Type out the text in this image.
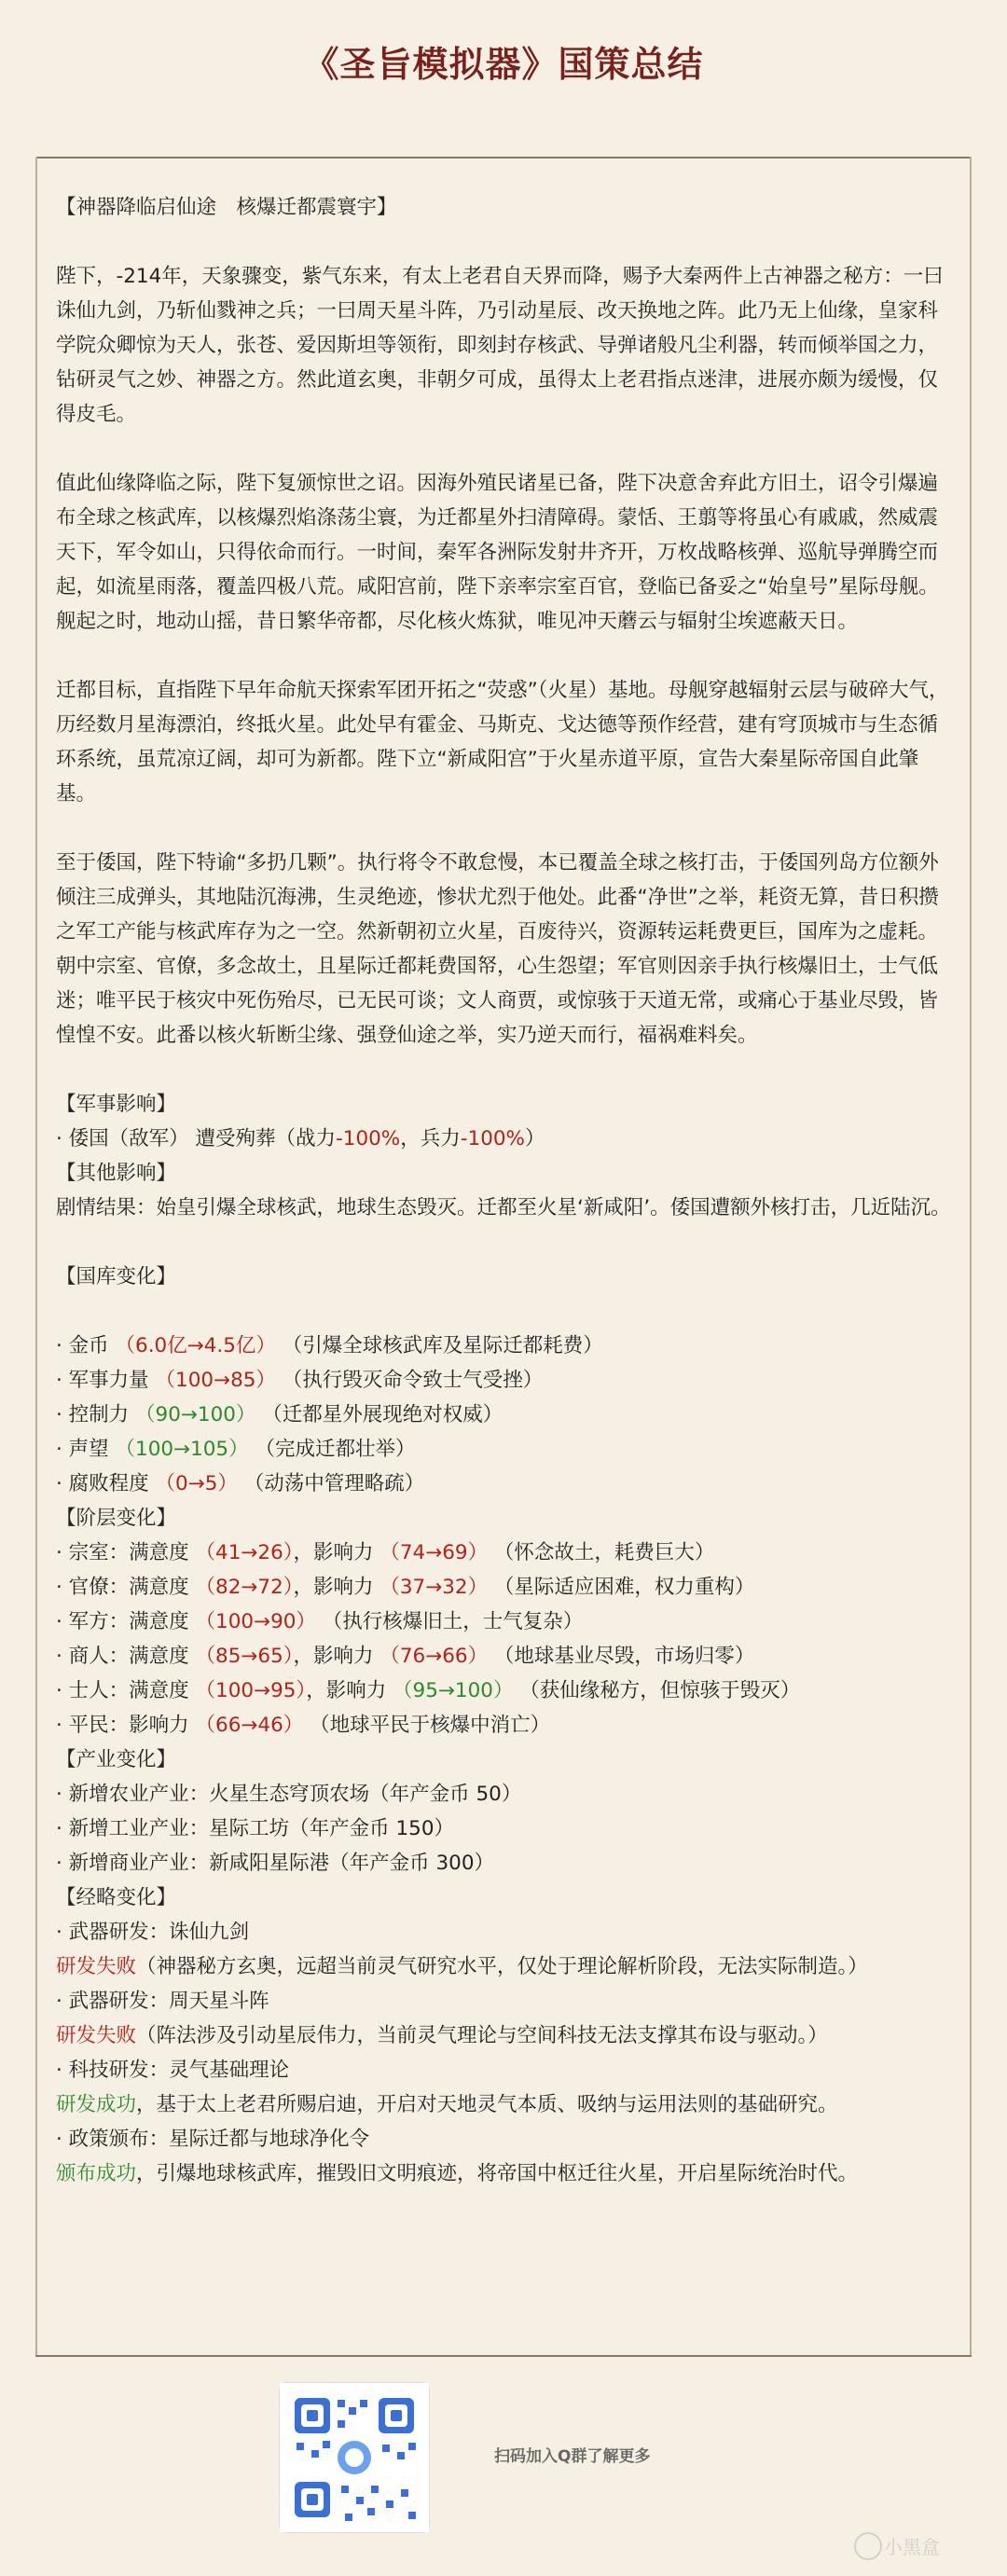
《圣旨模拟器》国策总结

【神器降临启仙途　核爆迁都震寰宇】

陛下，-214年，天象骤变，紫气东来，有太上老君自天界而降，赐予大秦两件上古神器之秘方：一曰诛仙九剑，乃斩仙戮神之兵；一曰周天星斗阵，乃引动星辰、改天换地之阵。此乃无上仙缘，皇家科学院众卿惊为天人，张苍、爱因斯坦等领衔，即刻封存核武、导弹诸般凡尘利器，转而倾举国之力，钻研灵气之妙、神器之方。然此道玄奥，非朝夕可成，虽得太上老君指点迷津，进展亦颇为缓慢，仅得皮毛。

值此仙缘降临之际，陛下复颁惊世之诏。因海外殖民诸星已备，陛下决意舍弃此方旧土，诏令引爆遍布全球之核武库，以核爆烈焰涤荡尘寰，为迁都星外扫清障碍。蒙恬、王翦等将虽心有戚戚，然威震天下，军令如山，只得依命而行。一时间，秦军各洲际发射井齐开，万枚战略核弹、巡航导弹腾空而起，如流星雨落，覆盖四极八荒。咸阳宫前，陛下亲率宗室百官，登临已备妥之“始皇号”星际母舰。舰起之时，地动山摇，昔日繁华帝都，尽化核火炼狱，唯见冲天蘑云与辐射尘埃遮蔽天日。

迁都目标，直指陛下早年命航天探索军团开拓之“荧惑”（火星）基地。母舰穿越辐射云层与破碎大气，历经数月星海漂泊，终抵火星。此处早有霍金、马斯克、戈达德等预作经营，建有穹顶城市与生态循环系统，虽荒凉辽阔，却可为新都。陛下立“新咸阳宫”于火星赤道平原，宣告大秦星际帝国自此肇基。

至于倭国，陛下特谕“多扔几颗”。执行将令不敢怠慢，本已覆盖全球之核打击，于倭国列岛方位额外倾注三成弹头，其地陆沉海沸，生灵绝迹，惨状尤烈于他处。此番“净世”之举，耗资无算，昔日积攒之军工产能与核武库存为之一空。然新朝初立火星，百废待兴，资源转运耗费更巨，国库为之虚耗。朝中宗室、官僚，多念故土，且星际迁都耗费国帑，心生怨望；军官则因亲手执行核爆旧土，士气低迷；唯平民于核灾中死伤殆尽，已无民可谈；文人商贾，或惊骇于天道无常，或痛心于基业尽毁，皆惶惶不安。此番以核火斩断尘缘、强登仙途之举，实乃逆天而行，福祸难料矣。

【军事影响】

· 倭国（敌军） 遭受殉葬（战力-100%，兵力-100%）

【其他影响】

剧情结果：始皇引爆全球核武，地球生态毁灭。迁都至火星‘新咸阳’。倭国遭额外核打击，几近陆沉。

【国库变化】

· 金币 （6.0亿→4.5亿） （引爆全球核武库及星际迁都耗费）

· 军事力量 （100→85） （执行毁灭命令致士气受挫）

· 控制力 （90→100） （迁都星外展现绝对权威）

· 声望 （100→105） （完成迁都壮举）

· 腐败程度 （0→5） （动荡中管理略疏）

【阶层变化】

· 宗室：满意度 （41→26），影响力 （74→69） （怀念故土，耗费巨大）

· 官僚：满意度 （82→72），影响力 （37→32） （星际适应困难，权力重构）

· 军方：满意度 （100→90） （执行核爆旧土，士气复杂）

· 商人：满意度 （85→65），影响力 （76→66） （地球基业尽毁，市场归零）

· 士人：满意度 （100→95），影响力 （95→100） （获仙缘秘方，但惊骇于毁灭）

· 平民：影响力 （66→46） （地球平民于核爆中消亡）

【产业变化】

· 新增农业产业：火星生态穹顶农场（年产金币 50）

· 新增工业产业：星际工坊（年产金币 150）

· 新增商业产业：新咸阳星际港（年产金币 300）

【经略变化】

· 武器研发：诛仙九剑

研发失败（神器秘方玄奥，远超当前灵气研究水平，仅处于理论解析阶段，无法实际制造。）

· 武器研发：周天星斗阵

研发失败（阵法涉及引动星辰伟力，当前灵气理论与空间科技无法支撑其布设与驱动。）

· 科技研发：灵气基础理论

研发成功，基于太上老君所赐启迪，开启对天地灵气本质、吸纳与运用法则的基础研究。

· 政策颁布：星际迁都与地球净化令

颁布成功，引爆地球核武库，摧毁旧文明痕迹，将帝国中枢迁往火星，开启星际统治时代。

扫码加入Q群了解更多
小黑盒
